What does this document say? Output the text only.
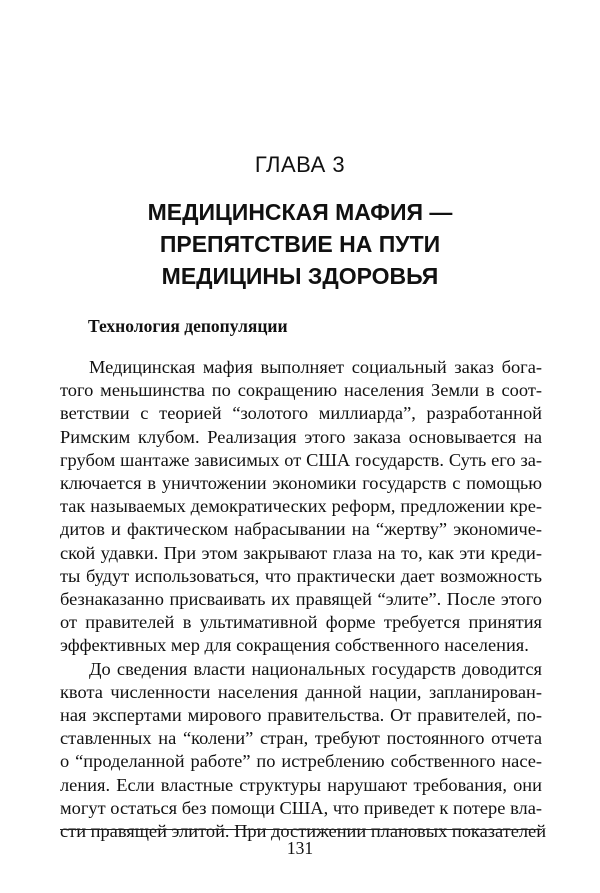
ГЛАВА 3
МЕДИЦИНСКАЯ МАФИЯ —
ПРЕПЯТСТВИЕ НА ПУТИ
МЕДИЦИНЫ ЗДОРОВЬЯ
Технология депопуляции
Медицинская мафия выполняет социальный заказ бога-
того меньшинства по сокращению населения Земли в соот-
ветствии с теорией “золотого миллиарда”, разработанной
Римским клубом. Реализация этого заказа основывается на
грубом шантаже зависимых от США государств. Суть его за-
ключается в уничтожении экономики государств с помощью
так называемых демократических реформ, предложении кре-
дитов и фактическом набрасывании на “жертву” экономиче-
ской удавки. При этом закрывают глаза на то, как эти креди-
ты будут использоваться, что практически дает возможность
безнаказанно присваивать их правящей “элите”. После этого
от правителей в ультимативной форме требуется принятия
эффективных мер для сокращения собственного населения.
До сведения власти национальных государств доводится
квота численности населения данной нации, запланирован-
ная экспертами мирового правительства. От правителей, по-
ставленных на “колени” стран, требуют постоянного отчета
о “проделанной работе” по истреблению собственного насе-
ления. Если властные структуры нарушают требования, они
могут остаться без помощи США, что приведет к потере вла-
сти правящей элитой. При достижении плановых показателей
131
